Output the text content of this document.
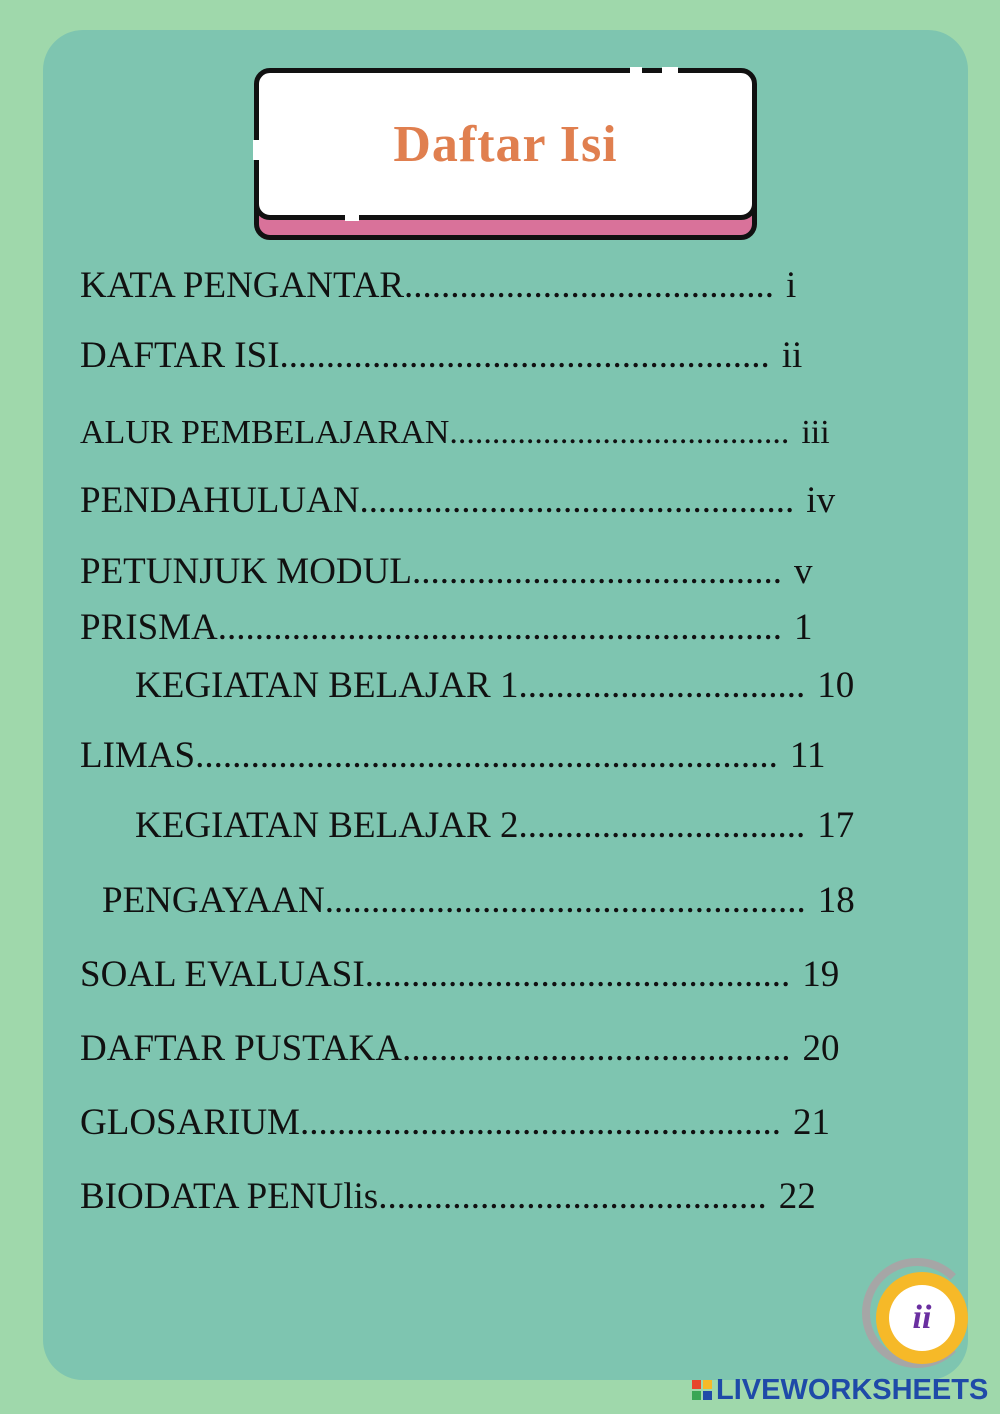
Daftar Isi
KATA PENGANTAR ........................................ i
DAFTAR ISI ..................................................... ii
ALUR PEMBELAJARAN ........................................ iii
PENDAHULUAN ............................................... iv
PETUNJUK MODUL ........................................ v
PRISMA ............................................................. 1
KEGIATAN BELAJAR 1 ............................... 10
LIMAS ............................................................... 11
KEGIATAN BELAJAR 2 ............................... 17
PENGAYAAN .................................................... 18
SOAL EVALUASI .............................................. 19
DAFTAR PUSTAKA .......................................... 20
GLOSARIUM .................................................... 21
BIODATA PENUlis .......................................... 22
ii
LIVEWORKSHEETS
